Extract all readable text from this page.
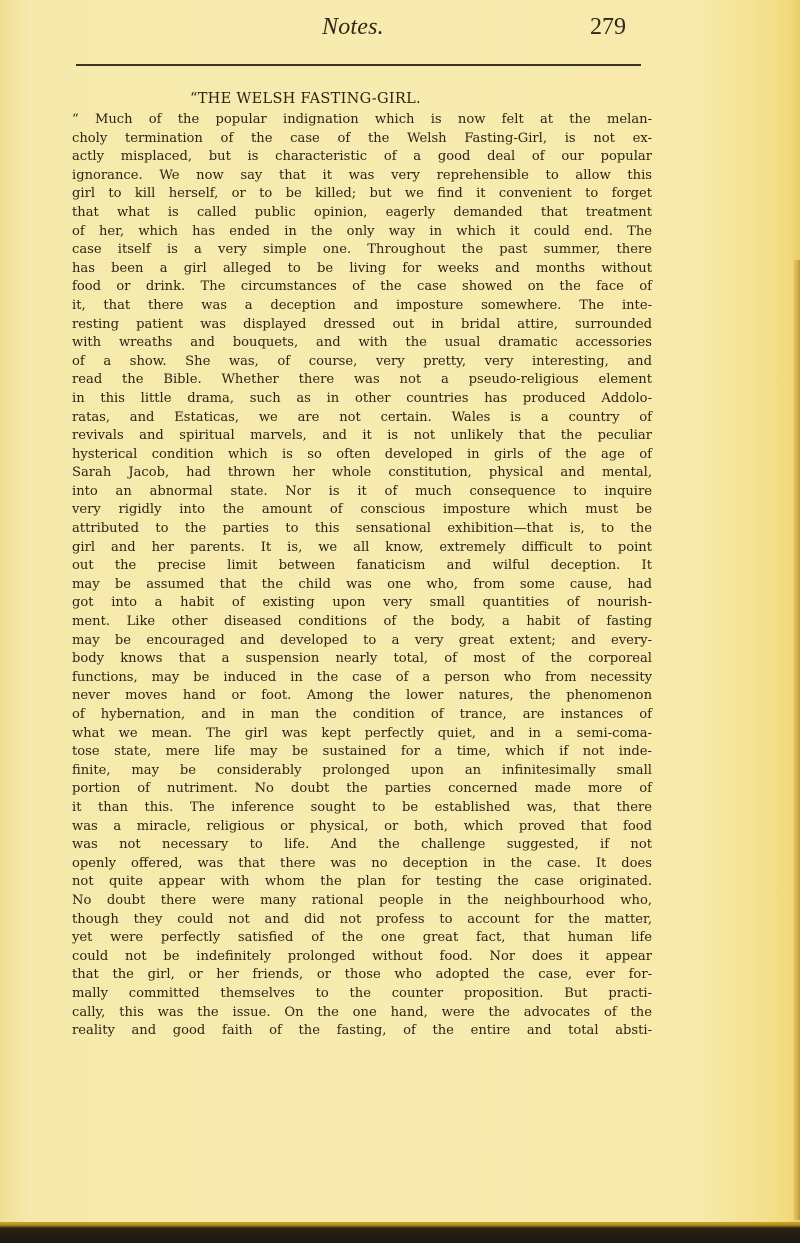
Notes.	279
“THE WELSH FASTING-GIRL.
“ Much of the popular indignation which is now felt at the melan-
choly termination of the case of the Welsh Fasting-Girl, is not ex-
actly misplaced, but is characteristic of a good deal of our popular
ignorance. We now say that it was very reprehensible to allow this
girl to kill herself, or to be killed; but we find it convenient to forget
that what is called public opinion, eagerly demanded that treatment
of her, which has ended in the only way in which it could end. The
case itself is a very simple one. Throughout the past summer, there
has been a girl alleged to be living for weeks and months without
food or drink. The circumstances of the case showed on the face of
it, that there was a deception and imposture somewhere. The inte-
resting patient was displayed dressed out in bridal attire, surrounded
with wreaths and bouquets, and with the usual dramatic accessories
of a show. She was, of course, very pretty, very interesting, and
read the Bible. Whether there was not a pseudo-religious element
in this little drama, such as in other countries has produced Addolo-
ratas, and Estaticas, we are not certain. Wales is a country of
revivals and spiritual marvels, and it is not unlikely that the peculiar
hysterical condition which is so often developed in girls of the age of
Sarah Jacob, had thrown her whole constitution, physical and mental,
into an abnormal state. Nor is it of much consequence to inquire
very rigidly into the amount of conscious imposture which must be
attributed to the parties to this sensational exhibition—that is, to the
girl and her parents. It is, we all know, extremely difficult to point
out the precise limit between fanaticism and wilful deception. It
may be assumed that the child was one who, from some cause, had
got into a habit of existing upon very small quantities of nourish-
ment. Like other diseased conditions of the body, a habit of fasting
may be encouraged and developed to a very great extent; and every-
body knows that a suspension nearly total, of most of the corporeal
functions, may be induced in the case of a person who from necessity
never moves hand or foot. Among the lower natures, the phenomenon
of hybernation, and in man the condition of trance, are instances of
what we mean. The girl was kept perfectly quiet, and in a semi-coma-
tose state, mere life may be sustained for a time, which if not inde-
finite, may be considerably prolonged upon an infinitesimally small
portion of nutriment. No doubt the parties concerned made more of
it than this. The inference sought to be established was, that there
was a miracle, religious or physical, or both, which proved that food
was not necessary to life. And the challenge suggested, if not
openly offered, was that there was no deception in the case. It does
not quite appear with whom the plan for testing the case originated.
No doubt there were many rational people in the neighbourhood who,
though they could not and did not profess to account for the matter,
yet were perfectly satisfied of the one great fact, that human life
could not be indefinitely prolonged without food. Nor does it appear
that the girl, or her friends, or those who adopted the case, ever for-
mally committed themselves to the counter proposition. But practi-
cally, this was the issue. On the one hand, were the advocates of the
reality and good faith of the fasting, of the entire and total absti-
